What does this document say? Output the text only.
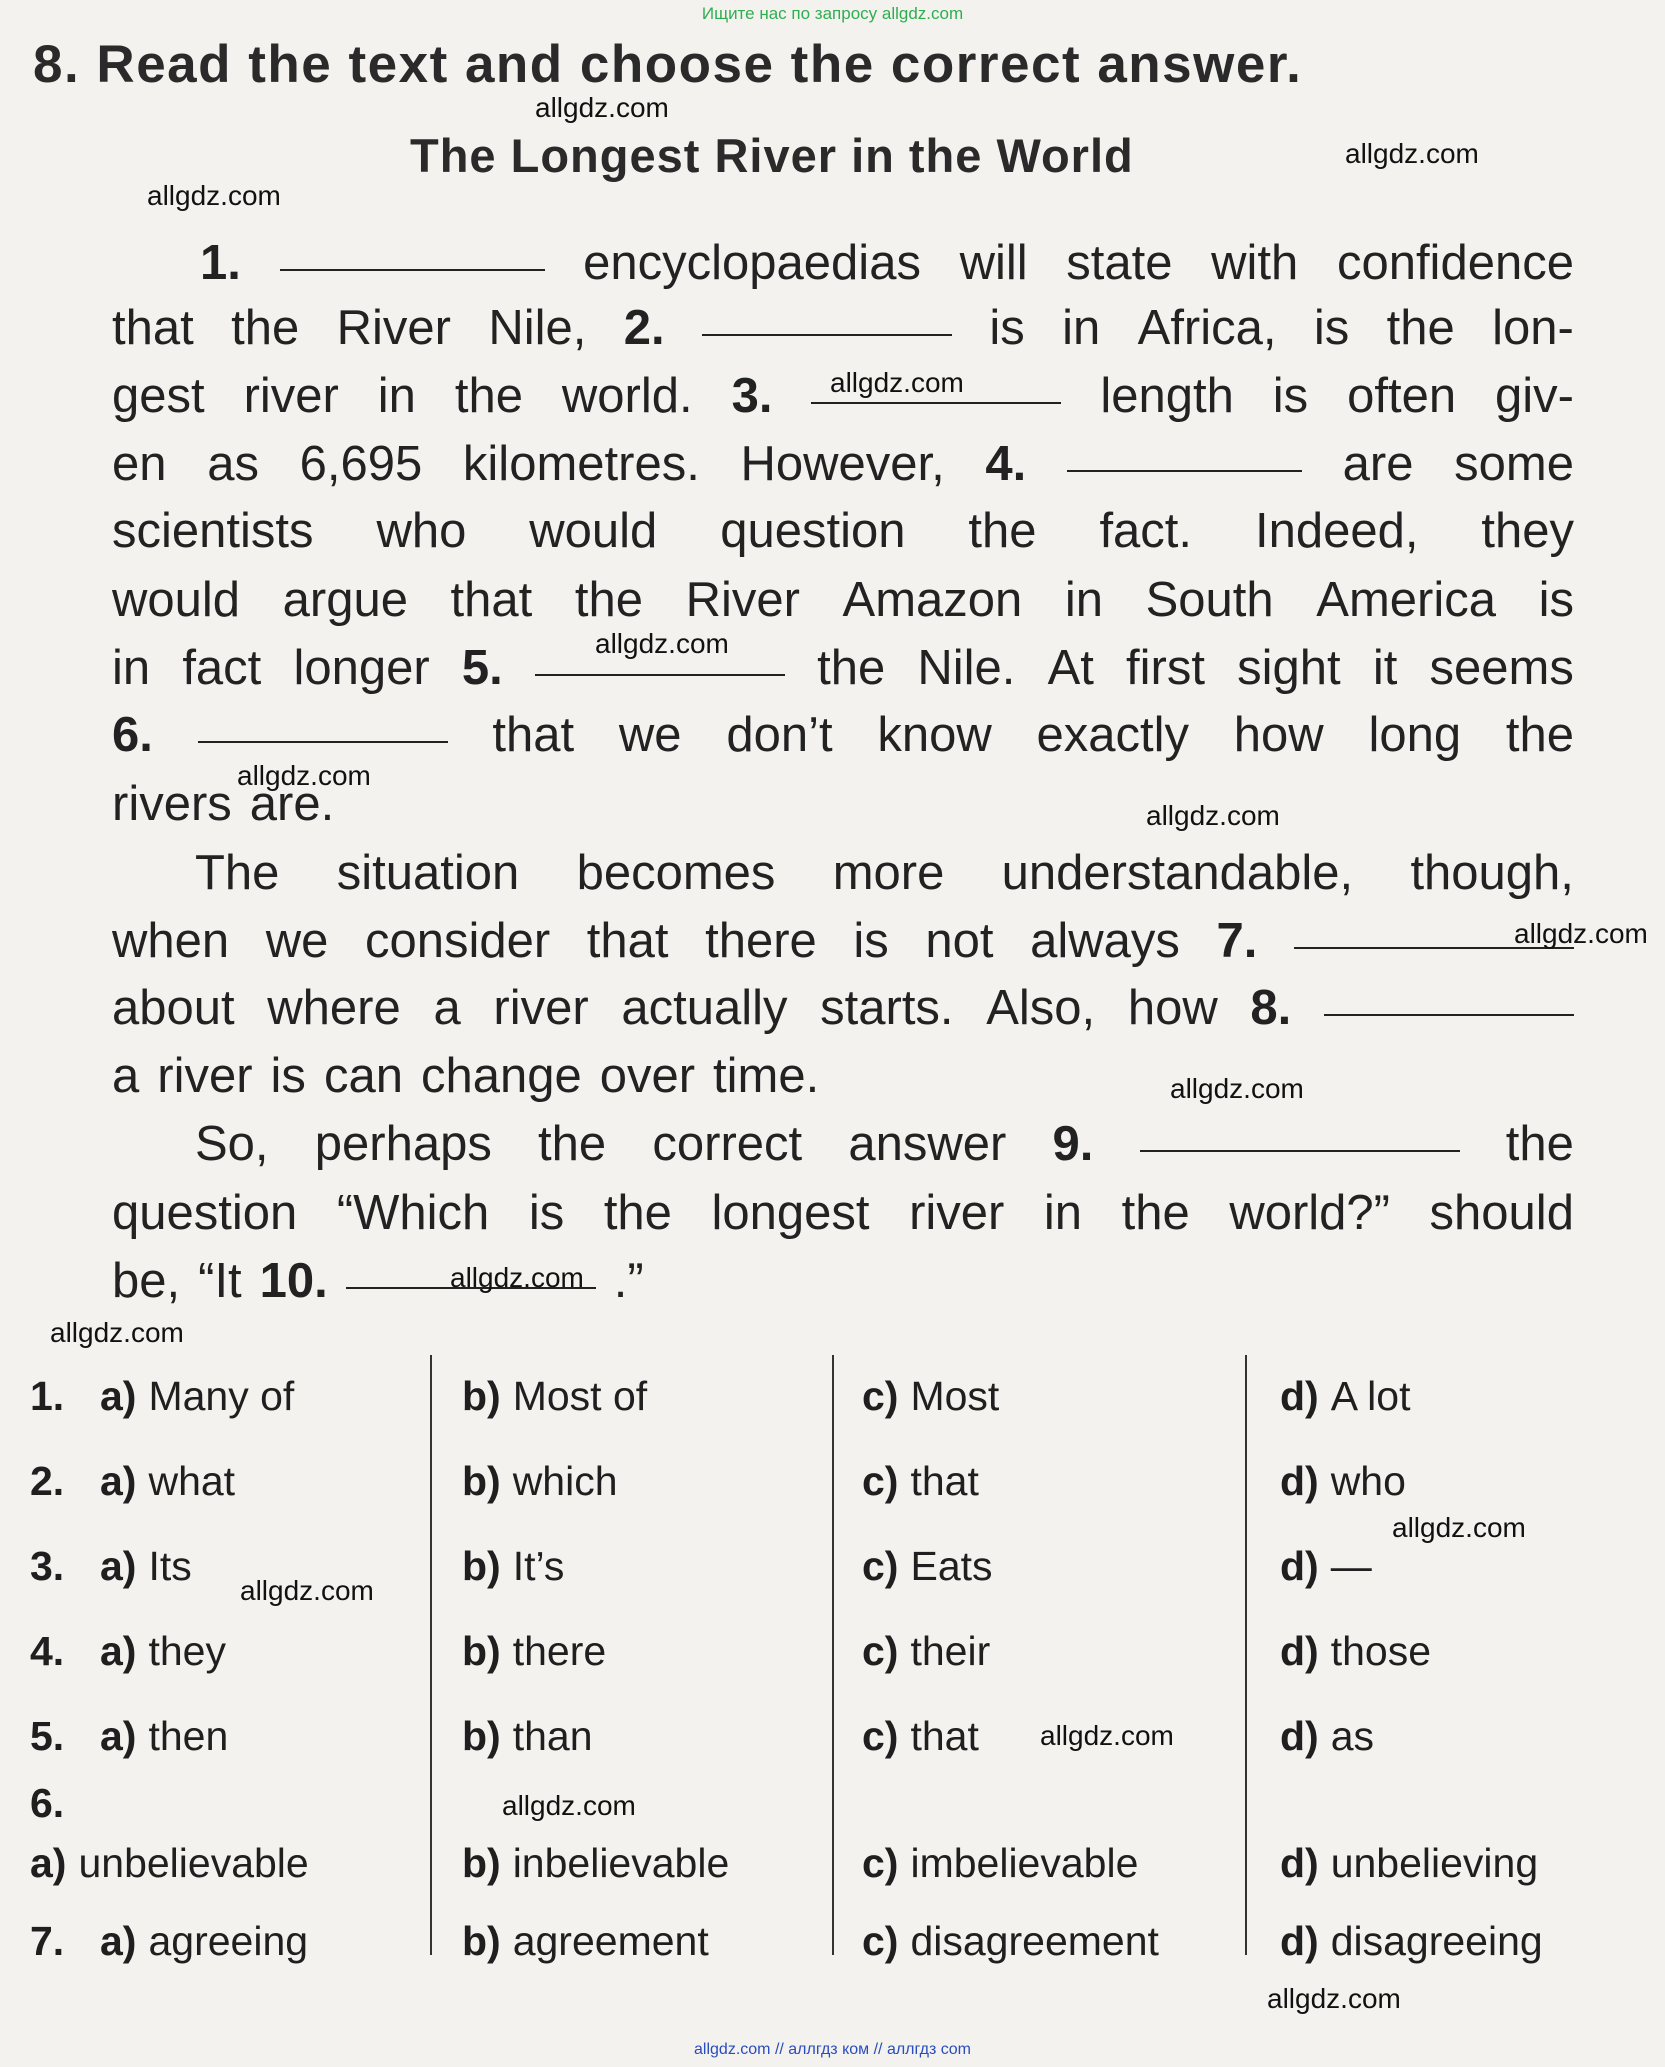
Ищите нас по запросу allgdz.com
8. Read the text and choose the correct answer.
The Longest River in the World
1.	encyclopaedias will state with confidence
that the River Nile, 2.	is in Africa, is the lon-
gest river in the world. 3.	length is often giv-
en as 6,695 kilometres. However, 4.	are some
scientists who would question the fact. Indeed, they
would argue that the River Amazon in South America is
in fact longer 5.	the Nile. At first sight it seems
6.	that we don’t know exactly how long the
rivers are.
The situation becomes more understandable, though,
when we consider that there is not always 7.
about where a river actually starts. Also, how 8.
a river is can change over time.
So, perhaps the correct answer 9.	the
question “Which is the longest river in the world?” should
be, “It 10.	.”
1. a) Many of	b) Most of	c) Most	d) A lot
2. a) what	b) which	c) that	d) who
3. a) Its	b) It’s	c) Eats	d) —
4. a) they	b) there	c) their	d) those
5. a) then	b) than	c) that	d) as
6.
a) unbelievable	b) inbelievable	c) imbelievable	d) unbelieving
7. a) agreeing	b) agreement	c) disagreement	d) disagreeing
allgdz.com
allgdz.com
allgdz.com
allgdz.com
allgdz.com
allgdz.com
allgdz.com
allgdz.com
allgdz.com
allgdz.com
allgdz.com
allgdz.com
allgdz.com
allgdz.com
allgdz.com
allgdz.com
allgdz.com // аллгдз ком // аллгдз com
